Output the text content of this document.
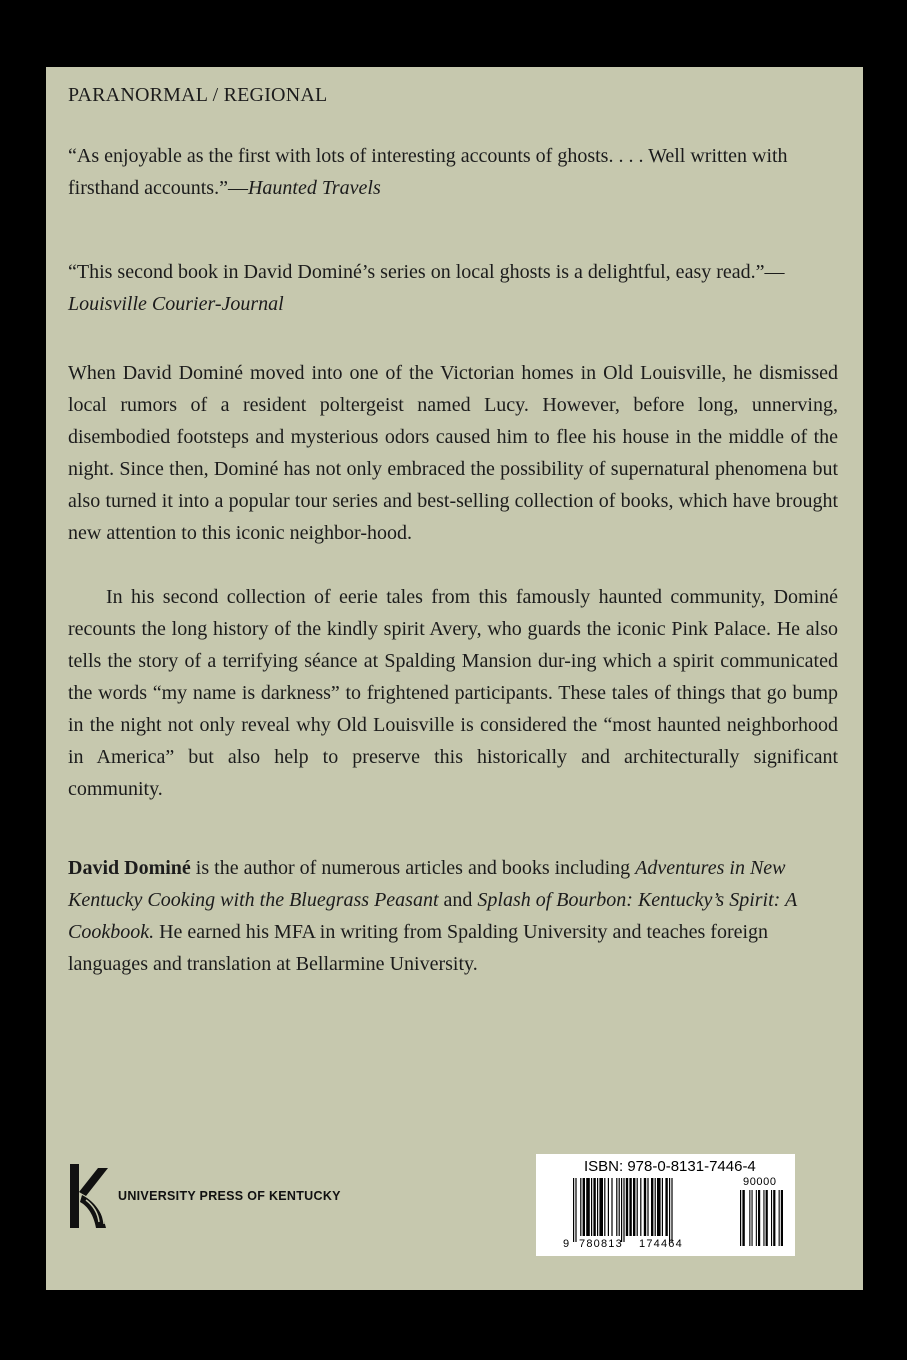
PARANORMAL / REGIONAL

“As enjoyable as the first with lots of interesting accounts of ghosts. . . . Well written with firsthand accounts.”—Haunted Travels

“This second book in David Dominé’s series on local ghosts is a delightful, easy read.”—Louisville Courier-Journal

When David Dominé moved into one of the Victorian homes in Old Louisville, he dismissed local rumors of a resident poltergeist named Lucy. However, before long, unnerving, disembodied footsteps and mysterious odors caused him to flee his house in the middle of the night. Since then, Dominé has not only embraced the possibility of supernatural phenomena but also turned it into a popular tour series and best-selling collection of books, which have brought new attention to this iconic neighbor-hood.

In his second collection of eerie tales from this famously haunted community, Dominé recounts the long history of the kindly spirit Avery, who guards the iconic Pink Palace. He also tells the story of a terrifying séance at Spalding Mansion dur-ing which a spirit communicated the words “my name is darkness” to frightened participants. These tales of things that go bump in the night not only reveal why Old Louisville is considered the “most haunted neighborhood in America” but also help to preserve this historically and architecturally significant community.

David Dominé is the author of numerous articles and books including Adventures in New Kentucky Cooking with the Bluegrass Peasant and Splash of Bourbon: Kentucky’s Spirit: A Cookbook. He earned his MFA in writing from Spalding University and teaches foreign languages and translation at Bellarmine University.

UNIVERSITY PRESS OF KENTUCKY
ISBN: 978-0-8131-7446-4
9 780813 174464
90000
